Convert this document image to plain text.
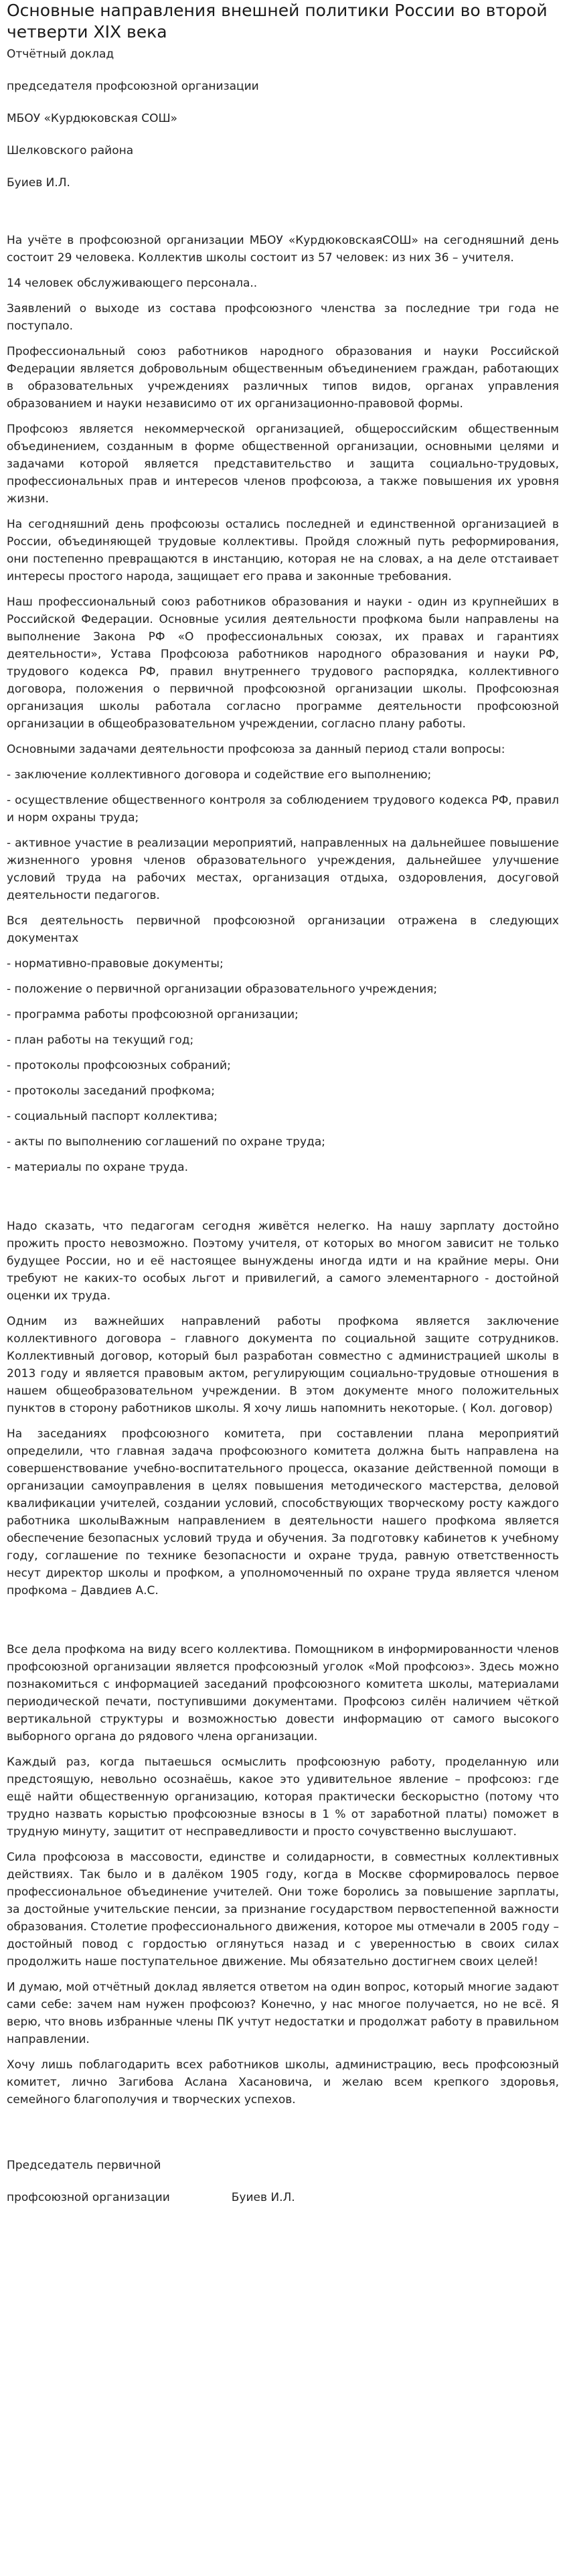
Основные направления внешней политики России во второй четверти XIX века

Отчётный доклад

председателя профсоюзной организации

МБОУ «Курдюковская СОШ»

Шелковского района

Буиев И.Л.

На учёте в профсоюзной организации МБОУ «КурдюковскаяСОШ» на сегодняшний день состоит 29 человека. Коллектив школы состоит из 57 человек: из них 36 – учителя.

14 человек обслуживающего персонала..

Заявлений о выходе из состава профсоюзного членства за последние три года не поступало.

Профессиональный союз работников народного образования и науки Российской Федерации является добровольным общественным объединением граждан, работающих в образовательных учреждениях различных типов видов, органах управления образованием и науки независимо от их организационно-правовой формы.

Профсоюз является некоммерческой организацией, общероссийским общественным объединением, созданным в форме общественной организации, основными целями и задачами которой является представительство и защита социально-трудовых, профессиональных прав и интересов членов профсоюза, а также повышения их уровня жизни.

На сегодняшний день профсоюзы остались последней и единственной организацией в России, объединяющей трудовые коллективы. Пройдя сложный путь реформирования, они постепенно превращаются в инстанцию, которая не на словах, а на деле отстаивает интересы простого народа, защищает его права и законные требования.

Наш профессиональный союз работников образования и науки - один из крупнейших в Российской Федерации. Основные усилия деятельности профкома были направлены на выполнение Закона РФ «О профессиональных союзах, их правах и гарантиях деятельности», Устава Профсоюза работников народного образования и науки РФ, трудового кодекса РФ, правил внутреннего трудового распорядка, коллективного договора, положения о первичной профсоюзной организации школы. Профсоюзная организация школы работала согласно программе деятельности профсоюзной организации в общеобразовательном учреждении, согласно плану работы.

Основными задачами деятельности профсоюза за данный период стали вопросы:

- заключение коллективного договора и содействие его выполнению;

- осуществление общественного контроля за соблюдением трудового кодекса РФ, правил и норм охраны труда;

- активное участие в реализации мероприятий, направленных на дальнейшее повышение жизненного уровня членов образовательного учреждения, дальнейшее улучшение условий труда на рабочих местах, организация отдыха, оздоровления, досуговой деятельности педагогов.

Вся деятельность первичной профсоюзной организации отражена в следующих документах

- нормативно-правовые документы;

- положение о первичной организации образовательного учреждения;

- программа работы профсоюзной организации;

- план работы на текущий год;

- протоколы профсоюзных собраний;

- протоколы заседаний профкома;

- социальный паспорт коллектива;

- акты по выполнению соглашений по охране труда;

- материалы по охране труда.

Надо сказать, что педагогам сегодня живётся нелегко. На нашу зарплату достойно прожить просто невозможно. Поэтому учителя, от которых во многом зависит не только будущее России, но и её настоящее вынуждены иногда идти и на крайние меры. Они требуют не каких-то особых льгот и привилегий, а самого элементарного - достойной оценки их труда.

Одним из важнейших направлений работы профкома является заключение коллективного договора – главного документа по социальной защите сотрудников. Коллективный договор, который был разработан совместно с администрацией школы в 2013 году и является правовым актом, регулирующим социально-трудовые отношения в нашем общеобразовательном учреждении. В этом документе много положительных пунктов в сторону работников школы. Я хочу лишь напомнить некоторые. ( Кол. договор)

На заседаниях профсоюзного комитета, при составлении плана мероприятий определили, что главная задача профсоюзного комитета должна быть направлена на совершенствование учебно-воспитательного процесса, оказание действенной помощи в организации самоуправления в целях повышения методического мастерства, деловой квалификации учителей, создании условий, способствующих творческому росту каждого работника школыВажным направлением в деятельности нашего профкома является обеспечение безопасных условий труда и обучения. За подготовку кабинетов к учебному году, соглашение по технике безопасности и охране труда, равную ответственность несут директор школы и профком, а уполномоченный по охране труда является членом профкома – Давдиев А.С.

Все дела профкома на виду всего коллектива. Помощником в информированности членов профсоюзной организации является профсоюзный уголок «Мой профсоюз». Здесь можно познакомиться с информацией заседаний профсоюзного комитета школы, материалами периодической печати, поступившими документами. Профсоюз силён наличием чёткой вертикальной структуры и возможностью довести информацию от самого высокого выборного органа до рядового члена организации.

Каждый раз, когда пытаешься осмыслить профсоюзную работу, проделанную или предстоящую, невольно осознаёшь, какое это удивительное явление – профсоюз: где ещё найти общественную организацию, которая практически бескорыстно (потому что трудно назвать корыстью профсоюзные взносы в 1 % от заработной платы) поможет в трудную минуту, защитит от несправедливости и просто сочувственно выслушают.

Сила профсоюза в массовости, единстве и солидарности, в совместных коллективных действиях. Так было и в далёком 1905 году, когда в Москве сформировалось первое профессиональное объединение учителей. Они тоже боролись за повышение зарплаты, за достойные учительские пенсии, за признание государством первостепенной важности образования. Столетие профессионального движения, которое мы отмечали в 2005 году – достойный повод с гордостью оглянуться назад и с уверенностью в своих силах продолжить наше поступательное движение. Мы обязательно достигнем своих целей!

И думаю, мой отчётный доклад является ответом на один вопрос, который многие задают сами себе: зачем нам нужен профсоюз? Конечно, у нас многое получается, но не всё. Я верю, что вновь избранные члены ПК учтут недостатки и продолжат работу в правильном направлении.

Хочу лишь поблагодарить всех работников школы, администрацию, весь профсоюзный комитет, лично Загибова Аслана Хасановича, и желаю всем крепкого здоровья, семейного благополучия и творческих успехов.

Председатель первичной

профсоюзной организации	Буиев И.Л.
